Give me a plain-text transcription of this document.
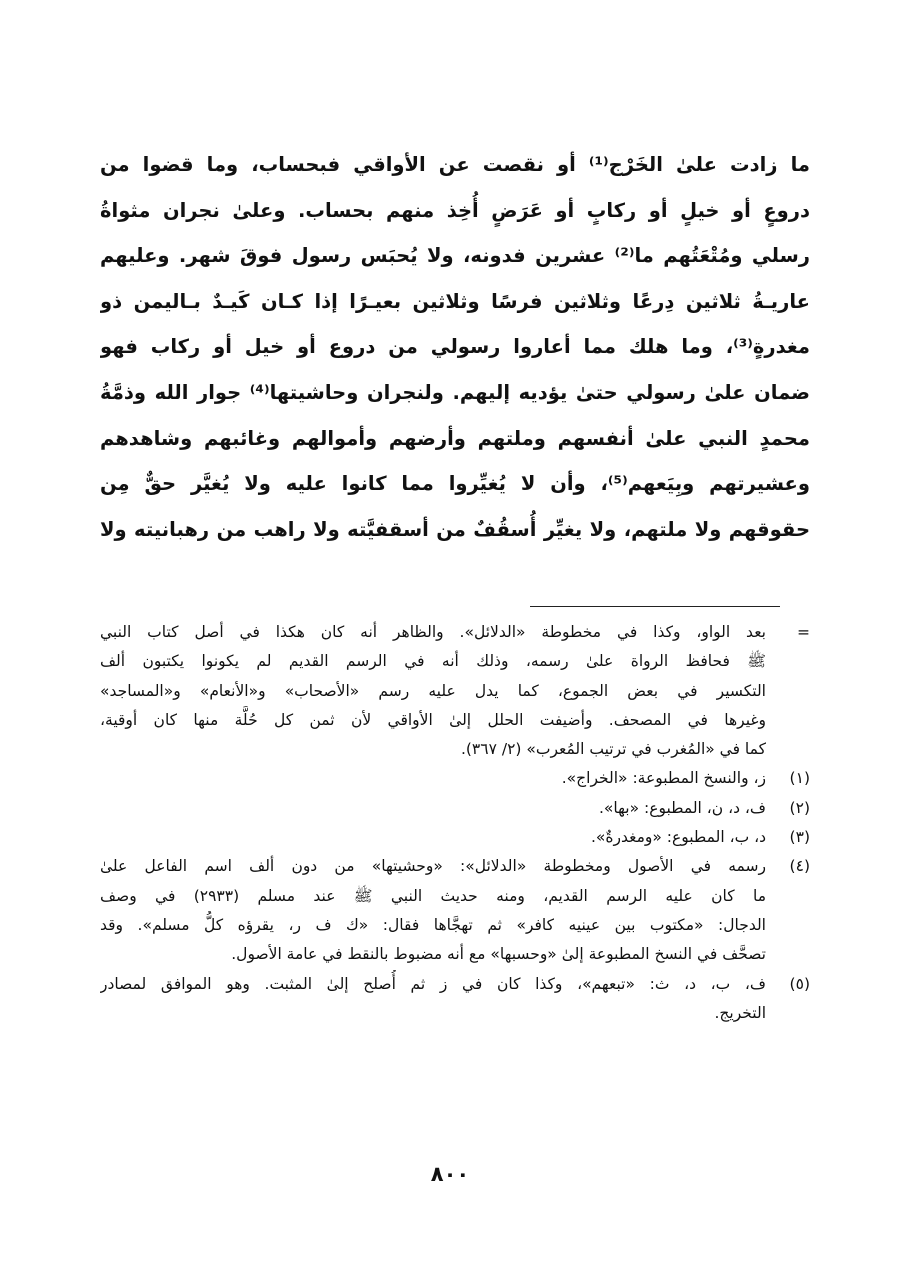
ما زادت علىٰ الخَرْج⁽¹⁾ أو نقصت عن الأواقي فبحساب، وما قضوا من
دروعٍ أو خيلٍ أو ركابٍ أو عَرَضٍ أُخِذ منهم بحساب. وعلىٰ نجران مثواةُ
رسلي ومُتْعَتُهم ما⁽²⁾ عشرين فدونه، ولا يُحبَس رسول فوقَ شهر. وعليهم
عاريـةُ ثلاثين دِرعًا وثلاثين فرسًا وثلاثين بعيـرًا إذا كـان كَيـدٌ بـاليمن ذو
مغدرةٍ⁽³⁾، وما هلك مما أعاروا رسولي من دروع أو خيل أو ركاب فهو
ضمان علىٰ رسولي حتىٰ يؤديه إليهم. ولنجران وحاشيتها⁽⁴⁾ جوار الله وذمَّةُ
محمدٍ النبي علىٰ أنفسهم وملتهم وأرضهم وأموالهم وغائبهم وشاهدهم
وعشيرتهم وبِيَعهم⁽⁵⁾، وأن لا يُغيِّروا مما كانوا عليه ولا يُغيَّر حقٌّ مِن
حقوقهم ولا ملتهم، ولا يغيِّر أُسقُفٌ من أسقفيَّته ولا راهب من رهبانيته ولا
=
بعد الواو، وكذا في مخطوطة «الدلائل». والظاهر أنه كان هكذا في أصل كتاب النبي
ﷺ فحافظ الرواة علىٰ رسمه، وذلك أنه في الرسم القديم لم يكونوا يكتبون ألف
التكسير في بعض الجموع، كما يدل عليه رسم «الأصحاب» و«الأنعام» و«المساجد»
وغيرها في المصحف. وأضيفت الحلل إلىٰ الأواقي لأن ثمن كل حُلَّة منها كان أوقية،
كما في «المُغرب في ترتيب المُعرب» (٢/ ٣٦٧).
(١)
ز، والنسخ المطبوعة: «الخراج».
(٢)
ف، د، ن، المطبوع: «بها».
(٣)
د، ب، المطبوع: «ومغدرةٌ».
(٤)
رسمه في الأصول ومخطوطة «الدلائل»: «وحشيتها» من دون ألف اسم الفاعل علىٰ
ما كان عليه الرسم القديم، ومنه حديث النبي ﷺ عند مسلم (٢٩٣٣) في وصف
الدجال: «مكتوب بين عينيه كافر» ثم تهجَّاها فقال: «ك ف ر، يقرؤه كلُّ مسلم». وقد
تصحَّف في النسخ المطبوعة إلىٰ «وحسبها» مع أنه مضبوط بالنقط في عامة الأصول.
(٥)
ف، ب، د، ث: «تبعهم»، وكذا كان في ز ثم أُصلح إلىٰ المثبت. وهو الموافق لمصادر
التخريج.
٨٠٠
